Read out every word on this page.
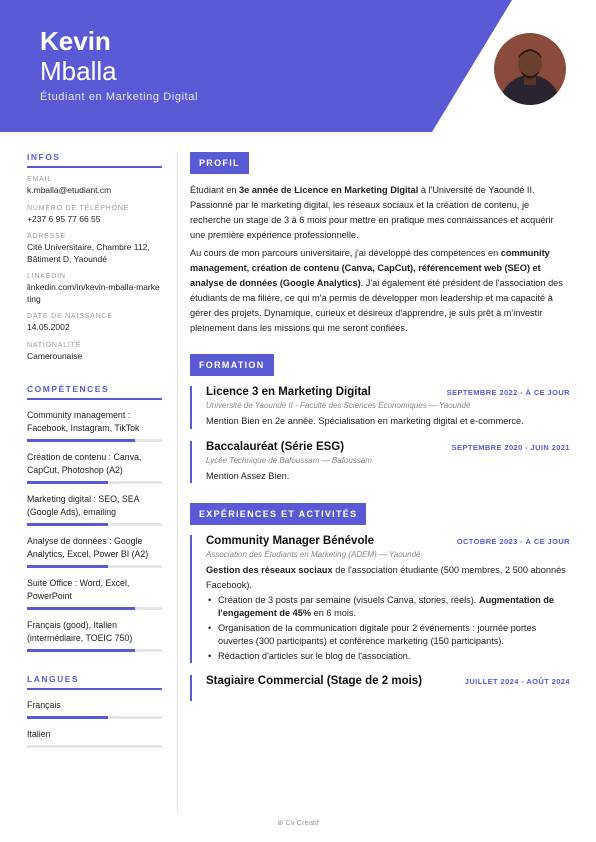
Kevin
Mballa
Étudiant en Marketing Digital
INFOS
EMAIL
k.mballa@etudiant.cm
NUMÉRO DE TÉLÉPHONE
+237 6 95 77 66 55
ADRESSE
Cité Universitaire, Chambre 112, Bâtiment D, Yaoundé
LINKEDIN
linkedin.com/in/kevin-mballa-marketing
DATE DE NAISSANCE
14.05.2002
NATIONALITÉ
Camerounaise
COMPÉTENCES
Community management : Facebook, Instagram, TikTok
Création de contenu : Canva, CapCut, Photoshop (A2)
Marketing digital : SEO, SEA (Google Ads), emailing
Analyse de données : Google Analytics, Excel, Power BI (A2)
Suite Office : Word, Excel, PowerPoint
Français (good), Italien (intermédiaire, TOEIC 750)
LANGUES
Français
Italien
PROFIL
Étudiant en 3e année de Licence en Marketing Digital à l'Université de Yaoundé II. Passionné par le marketing digital, les réseaux sociaux et la création de contenu, je recherche un stage de 3 à 6 mois pour mettre en pratique mes connaissances et acquérir une première expérience professionnelle.
Au cours de mon parcours universitaire, j'ai développé des compétences en community management, création de contenu (Canva, CapCut), référencement web (SEO) et analyse de données (Google Analytics). J'ai également été président de l'association des étudiants de ma filière, ce qui m'a permis de développer mon leadership et ma capacité à gérer des projets. Dynamique, curieux et désireux d'apprendre, je suis prêt à m'investir pleinement dans les missions qui me seront confiées.
FORMATION
Licence 3 en Marketing Digital	SEPTEMBRE 2022 - À CE JOUR
Université de Yaoundé II - Faculté des Sciences Économiques — Yaoundé
Mention Bien en 2e année. Spécialisation en marketing digital et e-commerce.
Baccalauréat (Série ESG)	SEPTEMBRE 2020 - JUIN 2021
Lycée Technique de Bafoussam — Bafoussam
Mention Assez Bien.
EXPÉRIENCES ET ACTIVITÉS
Community Manager Bénévole	OCTOBRE 2023 - À CE JOUR
Association des Étudiants en Marketing (ADEM) — Yaoundé
Gestion des réseaux sociaux de l'association étudiante (500 membres, 2 500 abonnés Facebook).
• Création de 3 posts par semaine (visuels Canva, stories, réels). Augmentation de l'engagement de 45% en 6 mois.
• Organisation de la communication digitale pour 2 événements : journée portes ouvertes (300 participants) et conférence marketing (150 participants).
• Rédaction d'articles sur le blog de l'association.
Stagiaire Commercial (Stage de 2 mois)	JUILLET 2024 - AOÛT 2024
⊛ Cv Creatif
